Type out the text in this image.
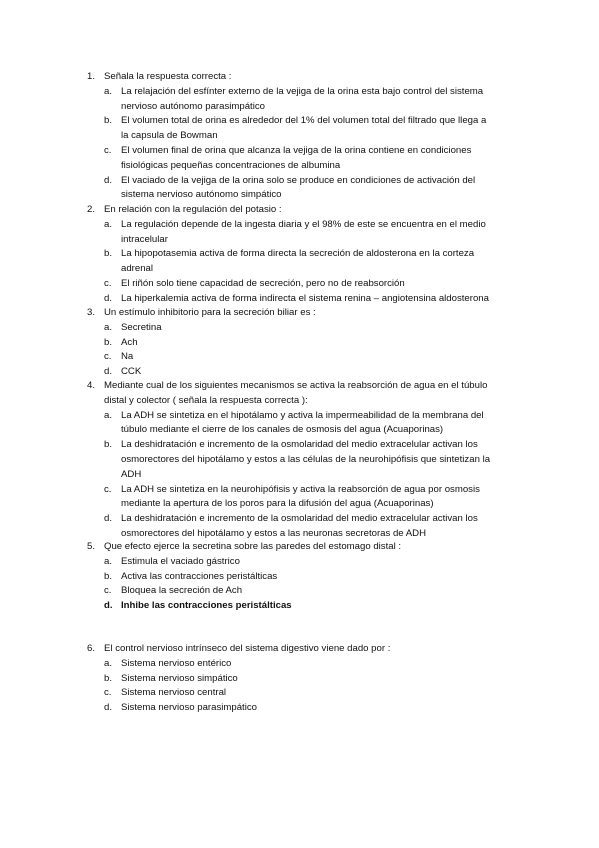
1. Señala la respuesta correcta :
a. La relajación del esfínter externo de la vejiga de la orina esta bajo control del sistema
nervioso autónomo parasimpático
b. El volumen total de orina es alrededor del 1% del volumen total del filtrado que llega a
la capsula de Bowman
c. El volumen final de orina que alcanza la vejiga de la orina contiene en condiciones
fisiológicas pequeñas concentraciones de albumina
d. El vaciado de la vejiga de la orina solo se produce en condiciones de activación del
sistema nervioso autónomo simpático
2. En relación con la regulación del potasio :
a. La regulación depende de la ingesta diaria y el 98% de este se encuentra en el medio
intracelular
b. La hipopotasemia activa de forma directa la secreción de aldosterona en la corteza
adrenal
c. El riñón solo tiene capacidad de secreción, pero no de reabsorción
d. La hiperkalemia activa de forma indirecta el sistema renina – angiotensina aldosterona
3. Un estímulo inhibitorio para la secreción biliar es :
a. Secretina
b. Ach
c. Na
d. CCK
4. Mediante cual de los siguientes mecanismos se activa la reabsorción de agua en el túbulo
distal y colector ( señala la respuesta correcta ):
a. La ADH se sintetiza en el hipotálamo y activa la impermeabilidad de la membrana del
túbulo mediante el cierre de los canales de osmosis del agua (Acuaporinas)
b. La deshidratación e incremento de la osmolaridad del medio extracelular activan los
osmorectores del hipotálamo y estos a las células de la neurohipófisis que sintetizan la
ADH
c. La ADH se sintetiza en la neurohipófisis y activa la reabsorción de agua por osmosis
mediante la apertura de los poros para la difusión del agua (Acuaporinas)
d. La deshidratación e incremento de la osmolaridad del medio extracelular activan los
osmorectores del hipotálamo y estos a las neuronas secretoras de ADH
5. Que efecto ejerce la secretina sobre las paredes del estomago distal :
a. Estimula el vaciado gástrico
b. Activa las contracciones peristálticas
c. Bloquea la secreción de Ach
d. Inhibe las contracciones peristálticas
6. El control nervioso intrínseco del sistema digestivo viene dado por :
a. Sistema nervioso entérico
b. Sistema nervioso simpático
c. Sistema nervioso central
d. Sistema nervioso parasimpático
